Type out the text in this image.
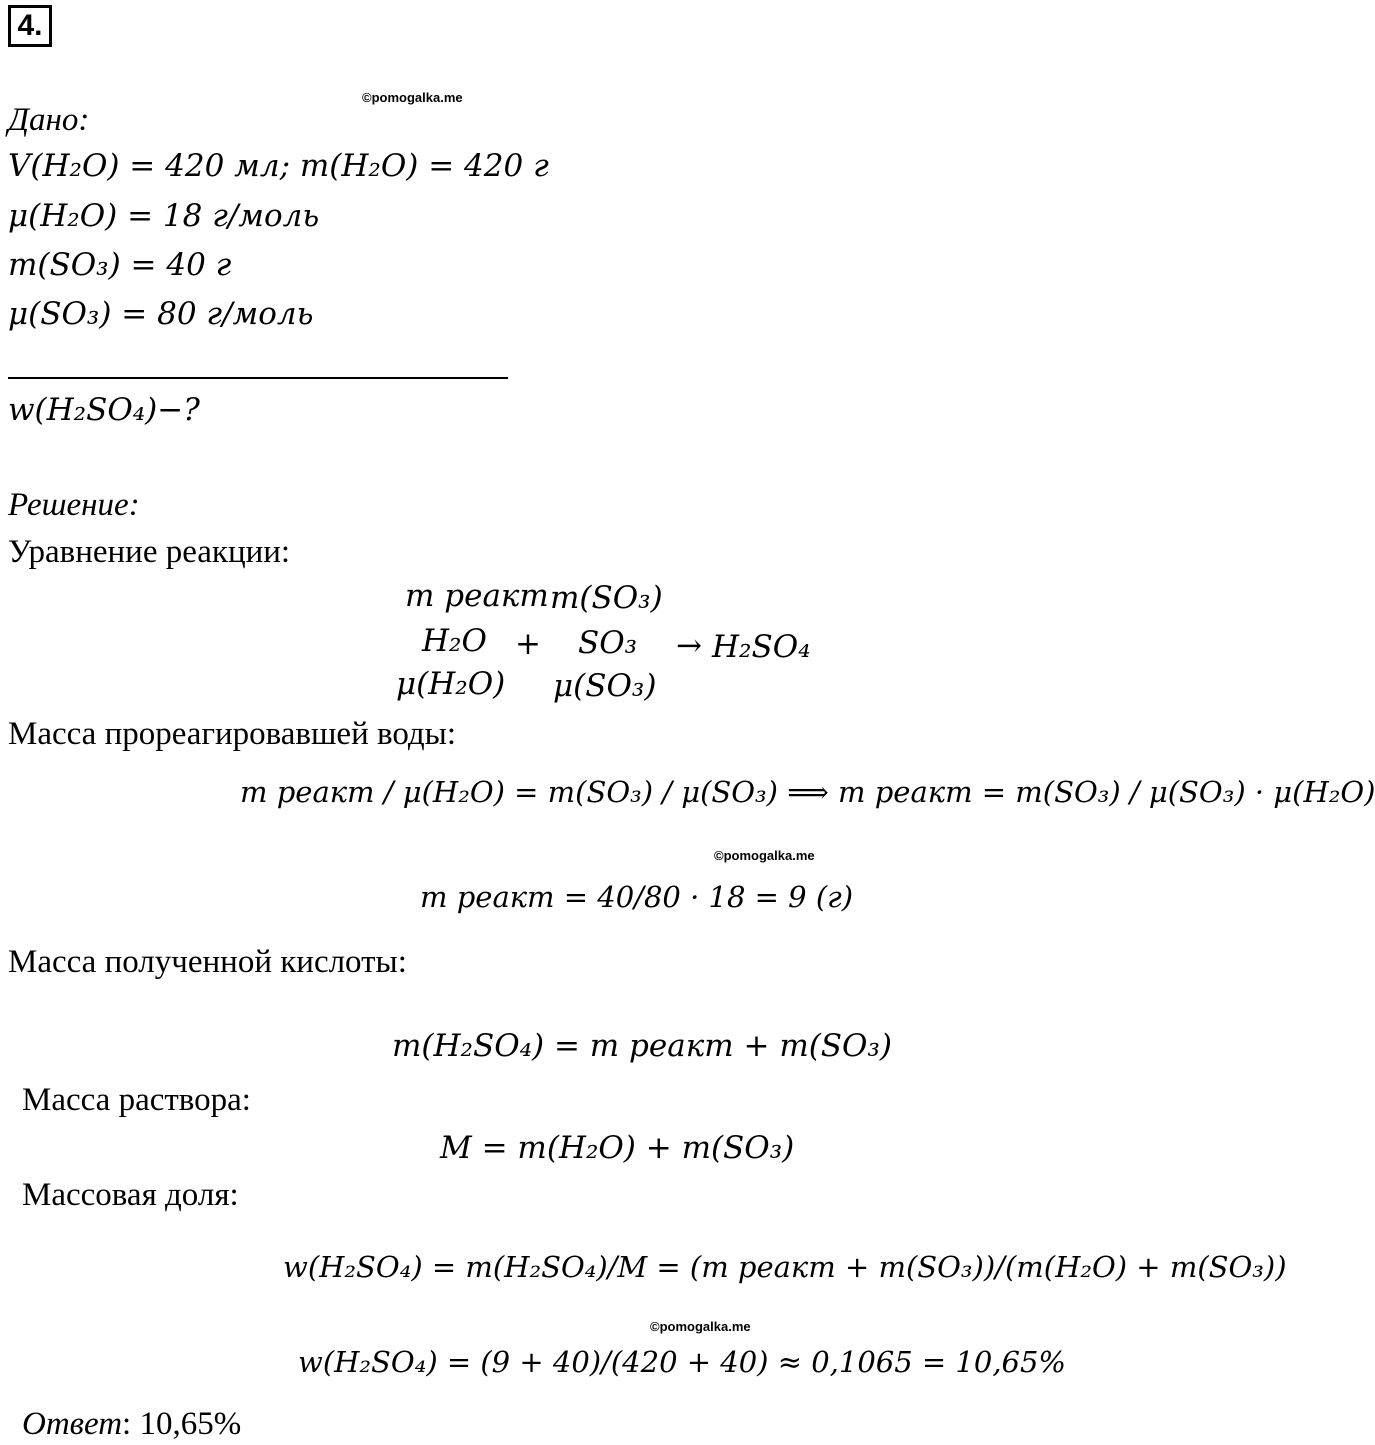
4.
©pomogalka.me
©pomogalka.me
©pomogalka.me
Дано:
V(H₂O) = 420 мл; m(H₂O) = 420 г
μ(H₂O) = 18 г/моль
m(SO₃) = 40 г
μ(SO₃) = 80 г/моль
w(H₂SO₄)−?
Решение:
Уравнение реакции:
m реакт m(SO₃)
H₂O + SO₃ → H₂SO₄
μ(H₂O) μ(SO₃)
Масса прореагировавшей воды:
m реакт / μ(H₂O) = m(SO₃) / μ(SO₃) ⟹ m реакт = m(SO₃) / μ(SO₃) · μ(H₂O)
m реакт = 40/80 · 18 = 9 (г)
Масса полученной кислоты:
m(H₂SO₄) = m реакт + m(SO₃)
Масса раствора:
M = m(H₂O) + m(SO₃)
Массовая доля:
w(H₂SO₄) = m(H₂SO₄)/M = (m реакт + m(SO₃))/(m(H₂O) + m(SO₃))
w(H₂SO₄) = (9 + 40)/(420 + 40) ≈ 0,1065 = 10,65%
Ответ: 10,65%
